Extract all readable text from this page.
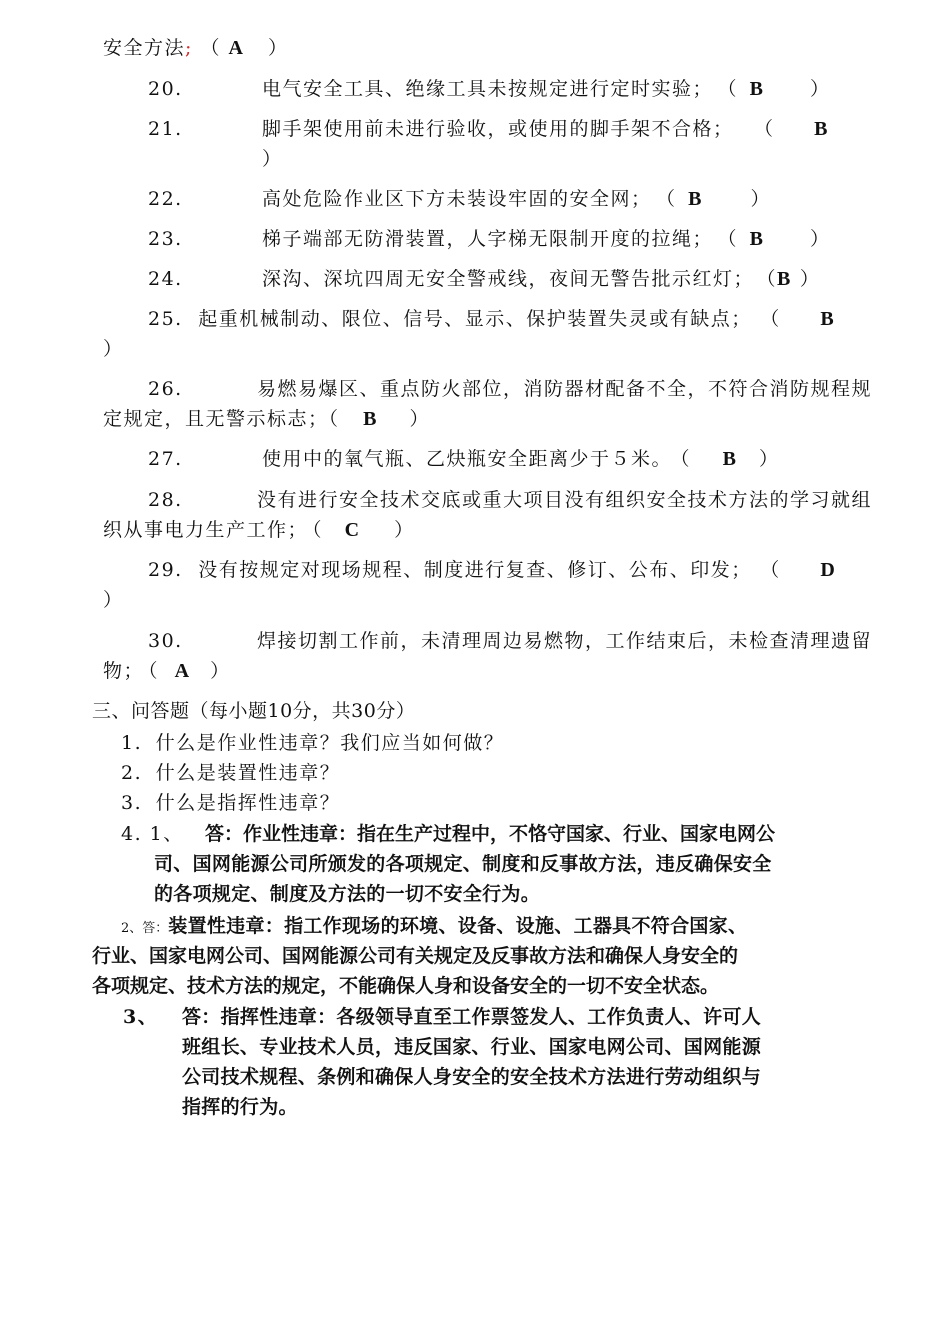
安全方法; （ A ）
20.	电气安全工具、绝缘工具未按规定进行定时实验； （ B ）
21.	脚手架使用前未进行验收，或使用的脚手架不合格； （ B
）
22.	高处危险作业区下方未装设牢固的安全网； （ B	）
23.	梯子端部无防滑装置，人字梯无限制开度的拉绳； （ B ）
24.	深沟、深坑四周无安全警戒线，夜间无警告批示红灯； （B ）
25. 起重机械制动、限位、信号、显示、保护装置失灵或有缺点； （ B
）
26.	易燃易爆区、重点防火部位，消防器材配备不全，不符合消防规程规
定规定，且无警示标志；（ B ）
27.	使用中的氧气瓶、乙炔瓶安全距离少于５米。 （ B ）
28.	没有进行安全技术交底或重大项目没有组织安全技术方法的学习就组
织从事电力生产工作； （ C ）
29. 没有按规定对现场规程、制度进行复查、修订、公布、印发； （ D
）
30.	焊接切割工作前，未清理周边易燃物，工作结束后，未检查清理遗留
物； （ A ）
三、问答题（每小题10分，共30分）
1. 什么是作业性违章？我们应当如何做？
2. 什么是装置性违章？
3. 什么是指挥性违章？
4. 1、 答：作业性违章：指在生产过程中，不恪守国家、行业、国家电网公
司、国网能源公司所颁发的各项规定、制度和反事故方法，违反确保安全
的各项规定、制度及方法的一切不安全行为。
2、答：装置性违章：指工作现场的环境、设备、设施、工器具不符合国家、
行业、国家电网公司、国网能源公司有关规定及反事故方法和确保人身安全的
各项规定、技术方法的规定，不能确保人身和设备安全的一切不安全状态。
3、 答：指挥性违章：各级领导直至工作票签发人、工作负责人、许可人
班组长、专业技术人员，违反国家、行业、国家电网公司、国网能源
公司技术规程、条例和确保人身安全的安全技术方法进行劳动组织与
指挥的行为。
